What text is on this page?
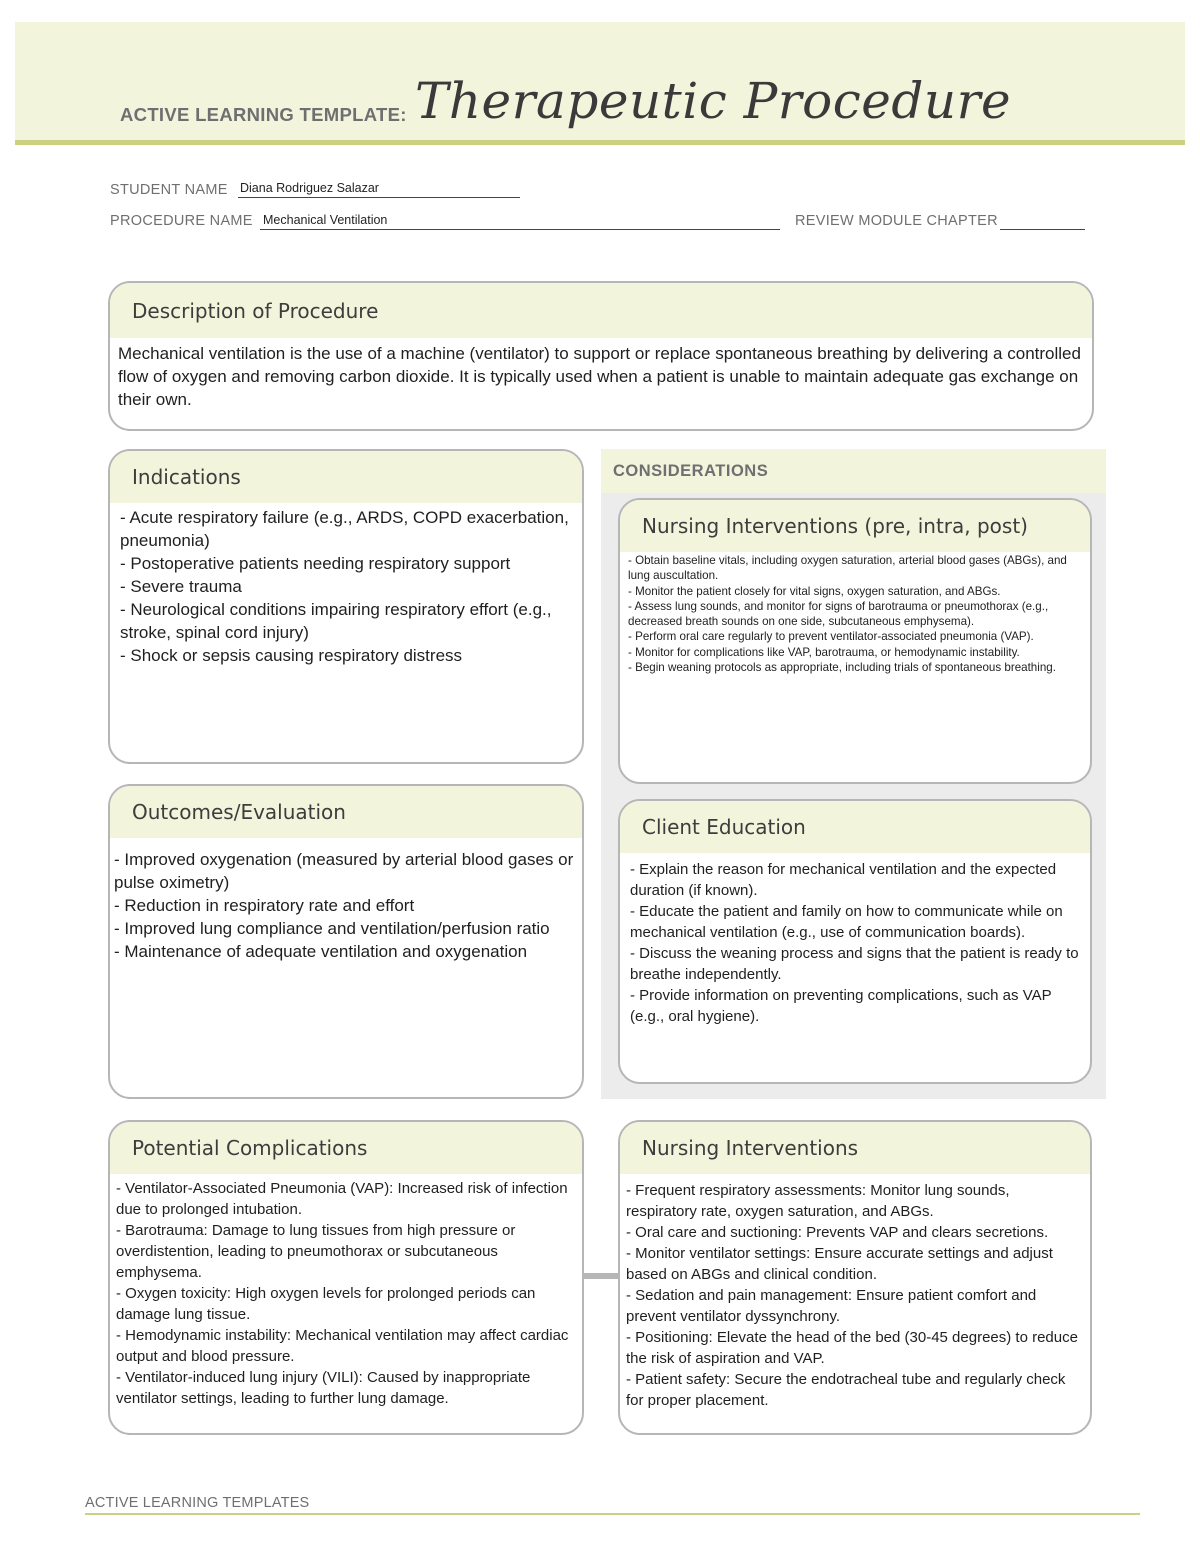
ACTIVE LEARNING TEMPLATE: Therapeutic Procedure
STUDENT NAME Diana Rodriguez Salazar
PROCEDURE NAME Mechanical Ventilation	REVIEW MODULE CHAPTER
Description of Procedure
Mechanical ventilation is the use of a machine (ventilator) to support or replace spontaneous breathing by delivering a controlled flow of oxygen and removing carbon dioxide. It is typically used when a patient is unable to maintain adequate gas exchange on their own.
Indications
- Acute respiratory failure (e.g., ARDS, COPD exacerbation, pneumonia)
- Postoperative patients needing respiratory support
- Severe trauma
- Neurological conditions impairing respiratory effort (e.g., stroke, spinal cord injury)
- Shock or sepsis causing respiratory distress
CONSIDERATIONS
Nursing Interventions (pre, intra, post)
- Obtain baseline vitals, including oxygen saturation, arterial blood gases (ABGs), and lung auscultation.
- Monitor the patient closely for vital signs, oxygen saturation, and ABGs.
- Assess lung sounds, and monitor for signs of barotrauma or pneumothorax (e.g., decreased breath sounds on one side, subcutaneous emphysema).
- Perform oral care regularly to prevent ventilator-associated pneumonia (VAP).
- Monitor for complications like VAP, barotrauma, or hemodynamic instability.
- Begin weaning protocols as appropriate, including trials of spontaneous breathing.
Outcomes/Evaluation
- Improved oxygenation (measured by arterial blood gases or pulse oximetry)
- Reduction in respiratory rate and effort
- Improved lung compliance and ventilation/perfusion ratio
- Maintenance of adequate ventilation and oxygenation
Client Education
- Explain the reason for mechanical ventilation and the expected duration (if known).
- Educate the patient and family on how to communicate while on mechanical ventilation (e.g., use of communication boards).
- Discuss the weaning process and signs that the patient is ready to breathe independently.
- Provide information on preventing complications, such as VAP (e.g., oral hygiene).
Potential Complications
- Ventilator-Associated Pneumonia (VAP): Increased risk of infection due to prolonged intubation.
- Barotrauma: Damage to lung tissues from high pressure or overdistention, leading to pneumothorax or subcutaneous emphysema.
- Oxygen toxicity: High oxygen levels for prolonged periods can damage lung tissue.
- Hemodynamic instability: Mechanical ventilation may affect cardiac output and blood pressure.
- Ventilator-induced lung injury (VILI): Caused by inappropriate ventilator settings, leading to further lung damage.
Nursing Interventions
- Frequent respiratory assessments: Monitor lung sounds, respiratory rate, oxygen saturation, and ABGs.
- Oral care and suctioning: Prevents VAP and clears secretions.
- Monitor ventilator settings: Ensure accurate settings and adjust based on ABGs and clinical condition.
- Sedation and pain management: Ensure patient comfort and prevent ventilator dyssynchrony.
- Positioning: Elevate the head of the bed (30-45 degrees) to reduce the risk of aspiration and VAP.
- Patient safety: Secure the endotracheal tube and regularly check for proper placement.
ACTIVE LEARNING TEMPLATES
